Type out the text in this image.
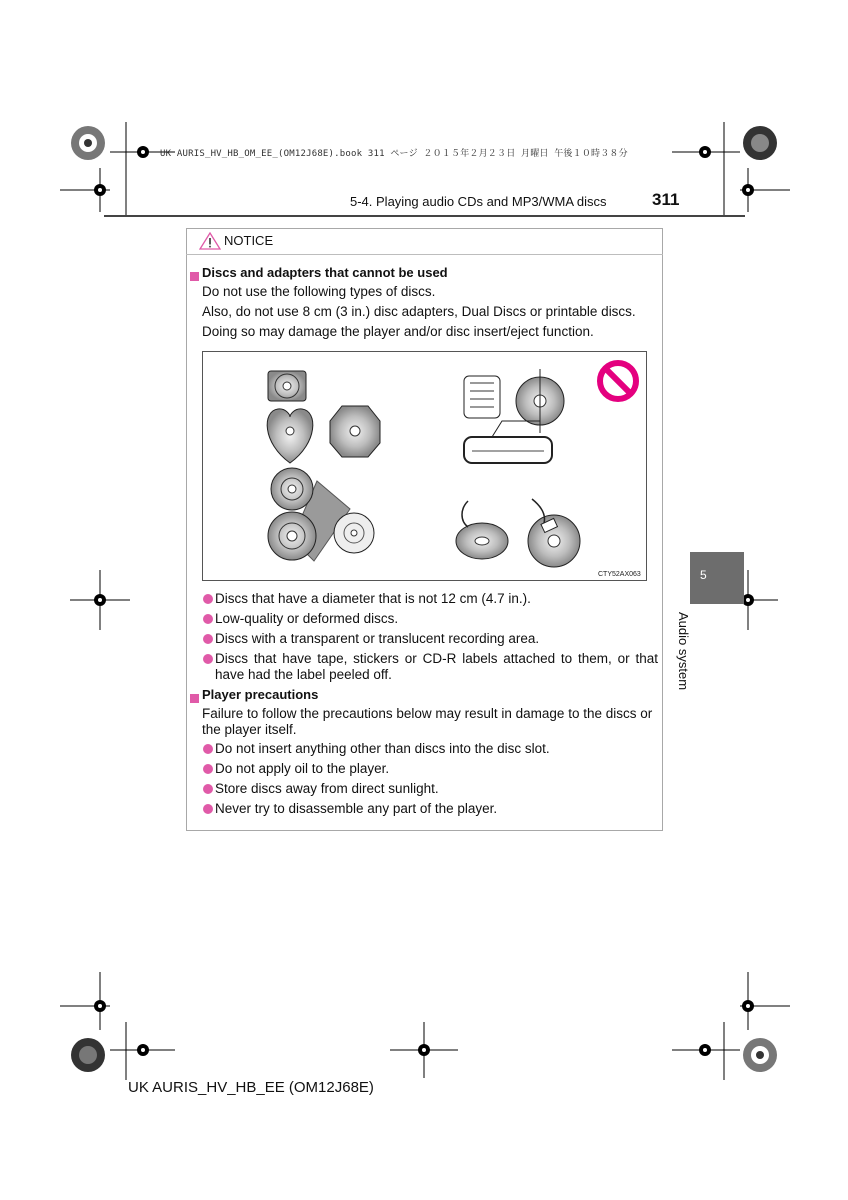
UK AURIS_HV_HB_OM_EE_(OM12J68E).book 311 ページ ２０１５年２月２３日 月曜日 午後１０時３８分
5-4. Playing audio CDs and MP3/WMA discs	311
NOTICE
Discs and adapters that cannot be used
Do not use the following types of discs.
Also, do not use 8 cm (3 in.) disc adapters, Dual Discs or printable discs.
Doing so may damage the player and/or disc insert/eject function.
CTY52AX063
Discs that have a diameter that is not 12 cm (4.7 in.).
Low-quality or deformed discs.
Discs with a transparent or translucent recording area.
Discs that have tape, stickers or CD-R labels attached to them, or that have had the label peeled off.
Player precautions
Failure to follow the precautions below may result in damage to the discs or the player itself.
Do not insert anything other than discs into the disc slot.
Do not apply oil to the player.
Store discs away from direct sunlight.
Never try to disassemble any part of the player.
5
Audio system
UK AURIS_HV_HB_EE (OM12J68E)
